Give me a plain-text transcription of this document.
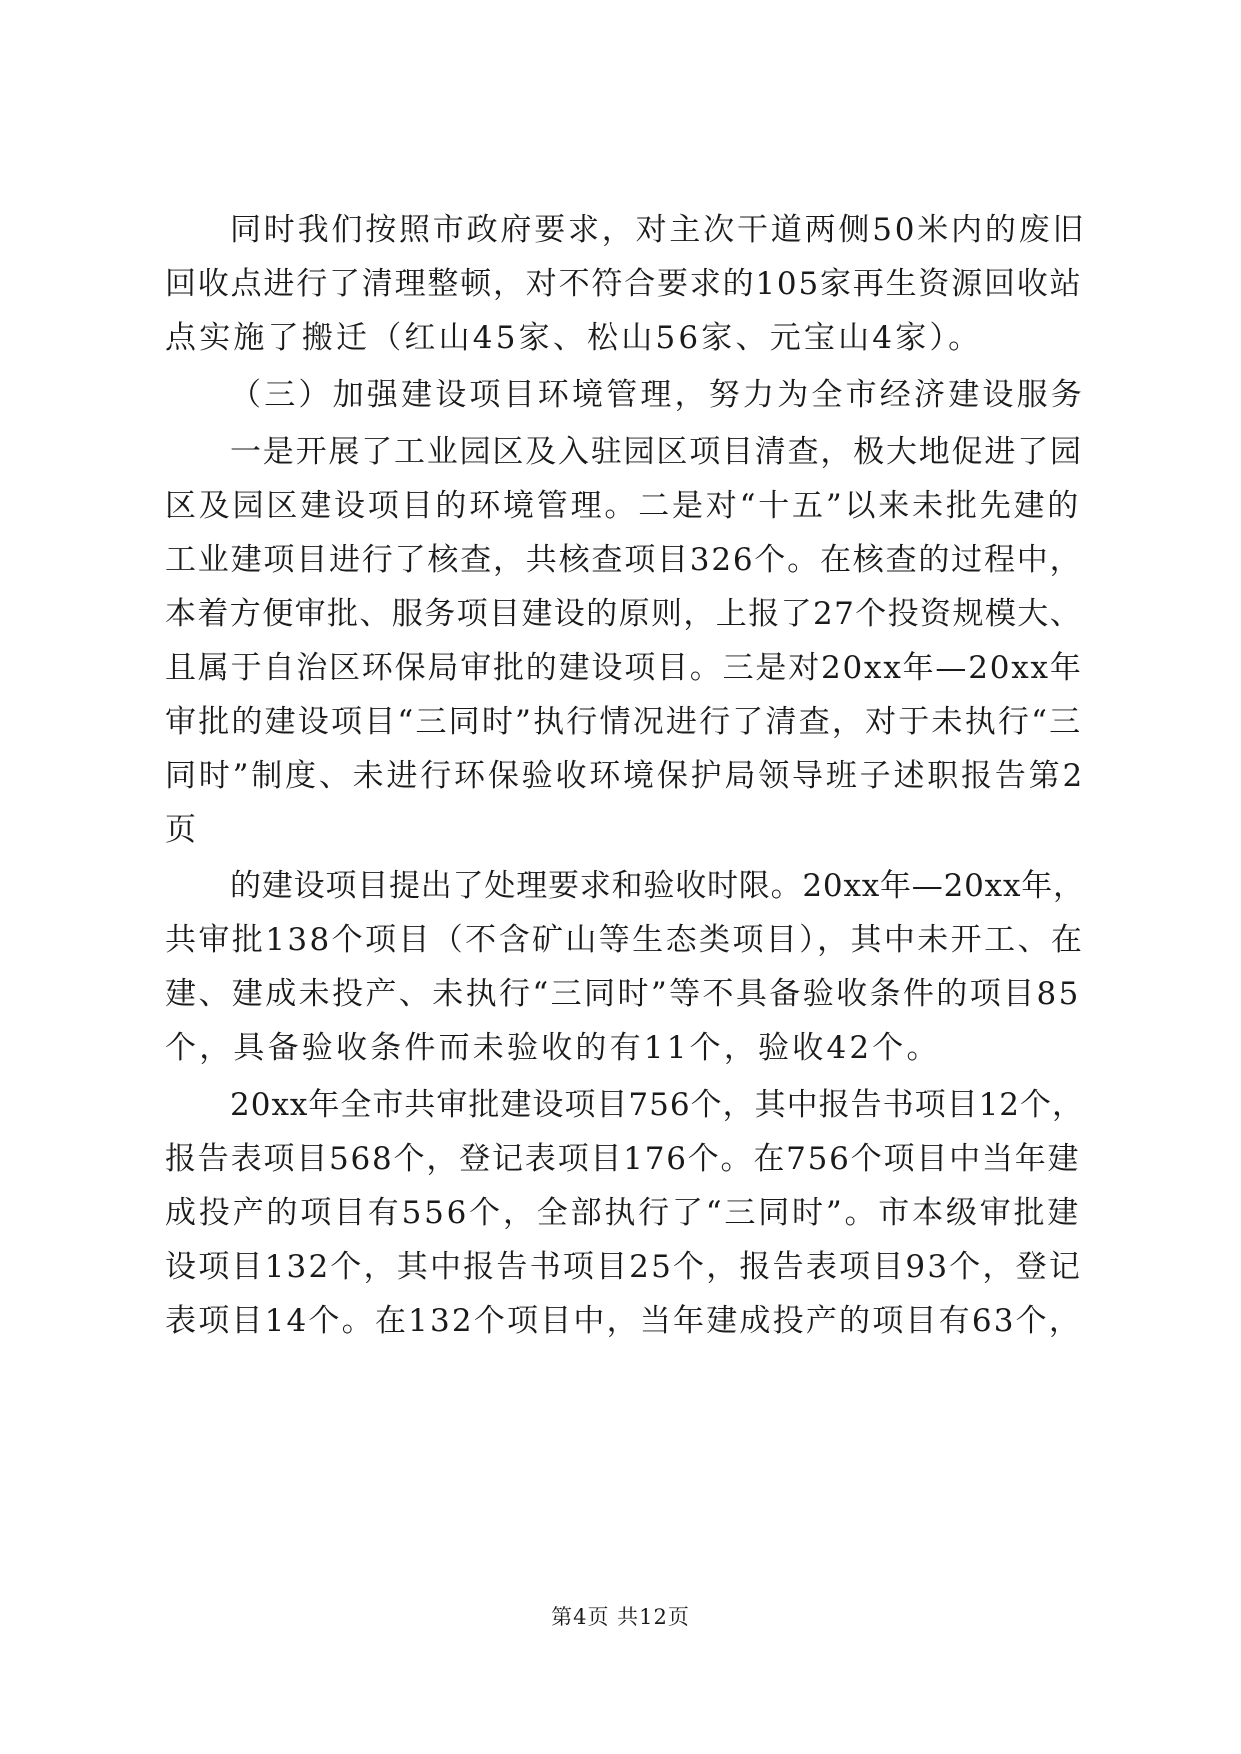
同时我们按照市政府要求，对主次干道两侧50米内的废旧
回收点进行了清理整顿，对不符合要求的105家再生资源回收站
点实施了搬迁（红山45家、松山56家、元宝山4家）。
（三）加强建设项目环境管理，努力为全市经济建设服务
一是开展了工业园区及入驻园区项目清查，极大地促进了园
区及园区建设项目的环境管理。二是对“十五”以来未批先建的
工业建项目进行了核查，共核查项目326个。在核查的过程中，
本着方便审批、服务项目建设的原则，上报了27个投资规模大、
且属于自治区环保局审批的建设项目。三是对20xx年—20xx年
审批的建设项目“三同时”执行情况进行了清查，对于未执行“三
同时”制度、未进行环保验收环境保护局领导班子述职报告第2
页
的建设项目提出了处理要求和验收时限。20xx年—20xx年，
共审批138个项目（不含矿山等生态类项目），其中未开工、在
建、建成未投产、未执行“三同时”等不具备验收条件的项目85
个，具备验收条件而未验收的有11个，验收42个。
20xx年全市共审批建设项目756个，其中报告书项目12个，
报告表项目568个，登记表项目176个。在756个项目中当年建
成投产的项目有556个，全部执行了“三同时”。市本级审批建
设项目132个，其中报告书项目25个，报告表项目93个，登记
表项目14个。在132个项目中，当年建成投产的项目有63个，
第4页 共12页
